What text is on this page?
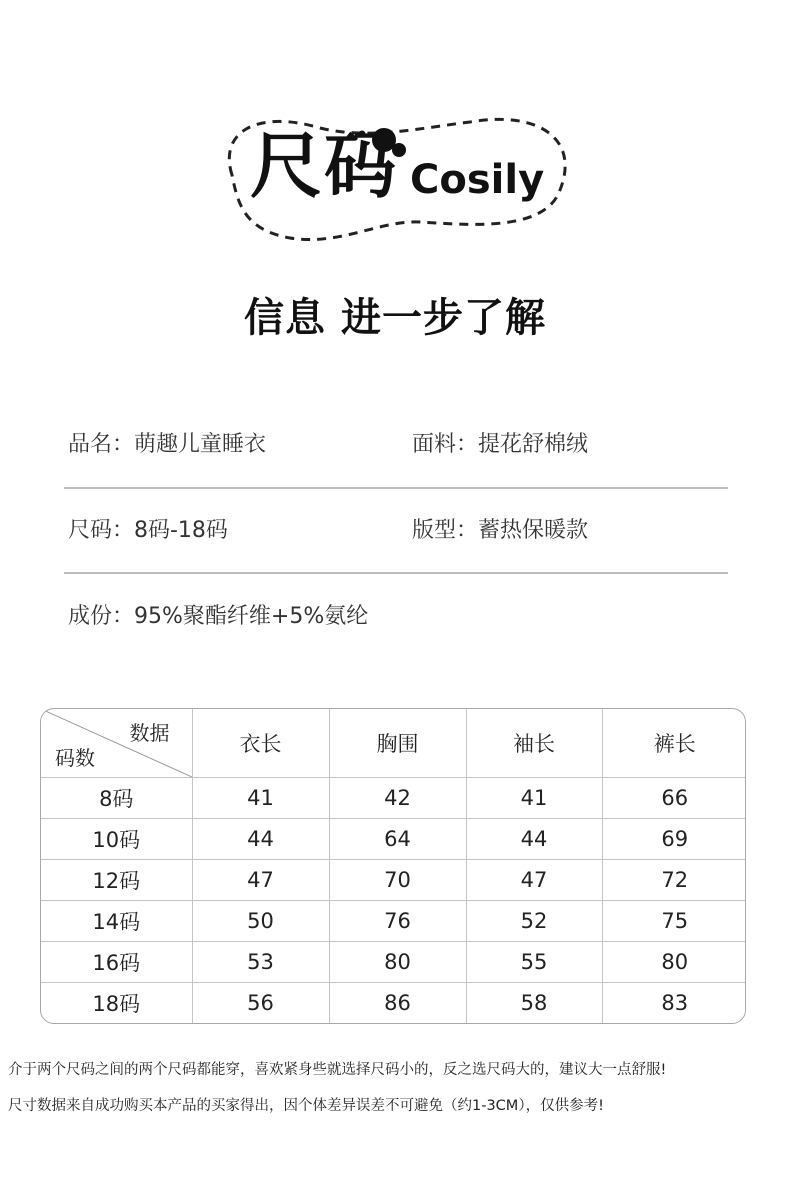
尺码 Cosily
信息 进一步了解
品名：萌趣儿童睡衣	面料：提花舒棉绒
尺码：8码-18码	版型：蓄热保暖款
成份：95%聚酯纤维+5%氨纶
数据
码数	衣长	胸围	袖长	裤长
8码	41	42	41	66
10码	44	64	44	69
12码	47	70	47	72
14码	50	76	52	75
16码	53	80	55	80
18码	56	86	58	83
介于两个尺码之间的两个尺码都能穿，喜欢紧身些就选择尺码小的，反之选尺码大的，建议大一点舒服!
尺寸数据来自成功购买本产品的买家得出，因个体差异误差不可避免（约1-3CM），仅供参考!
